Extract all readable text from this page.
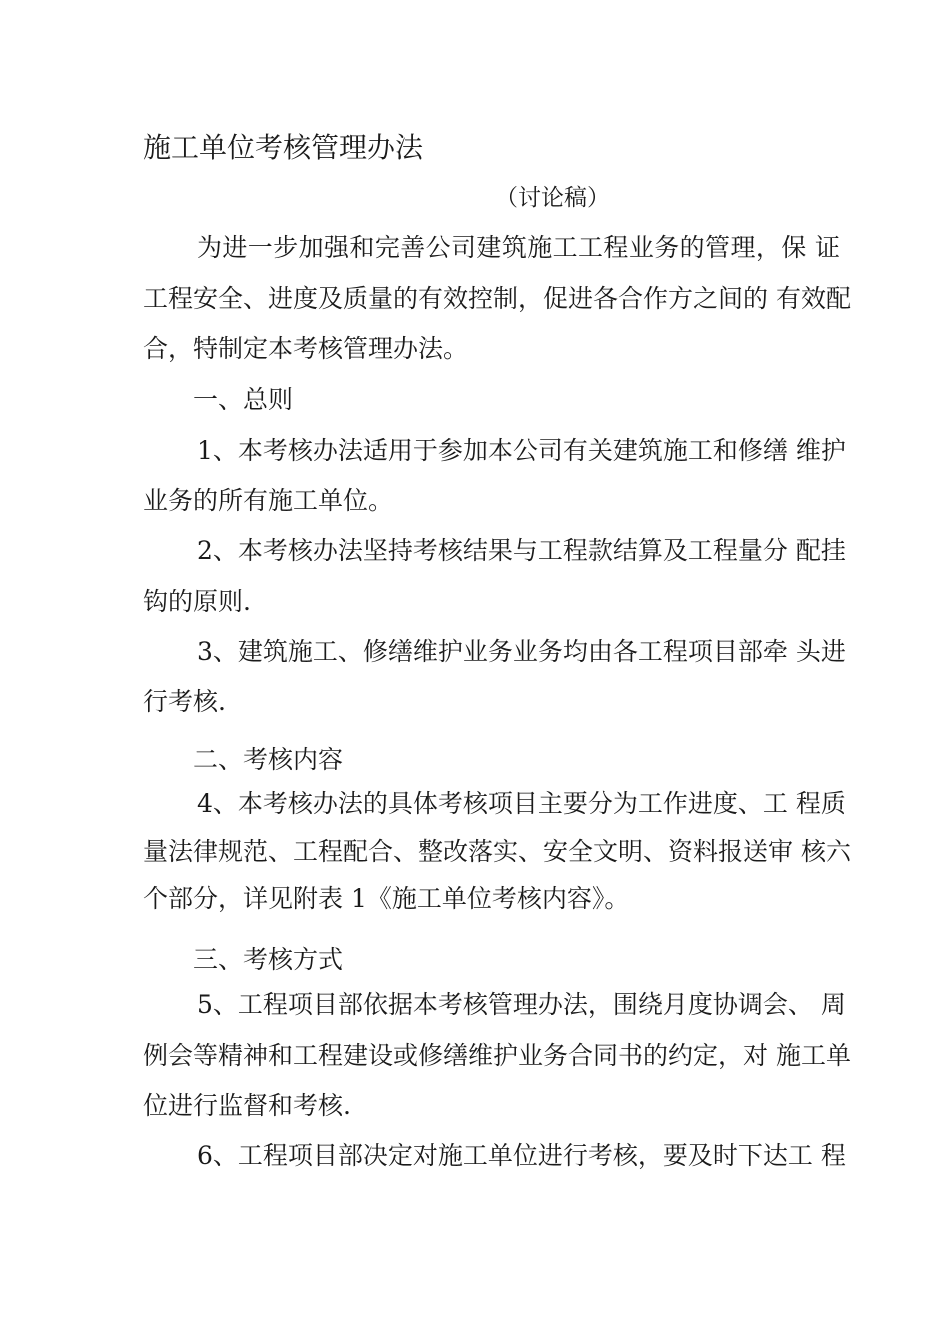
施工单位考核管理办法
（讨论稿）
为进一步加强和完善公司建筑施工工程业务的管理，保 证
工程安全、进度及质量的有效控制，促进各合作方之间的 有效配
合，特制定本考核管理办法。
一、总则
1、本考核办法适用于参加本公司有关建筑施工和修缮 维护
业务的所有施工单位。
2、本考核办法坚持考核结果与工程款结算及工程量分 配挂
钩的原则.
3、建筑施工、修缮维护业务业务均由各工程项目部牵 头进
行考核.
二、考核内容
4、本考核办法的具体考核项目主要分为工作进度、工 程质
量法律规范、工程配合、整改落实、安全文明、资料报送审 核六
个部分，详见附表 1《施工单位考核内容》。
三、考核方式
5、工程项目部依据本考核管理办法，围绕月度协调会、 周
例会等精神和工程建设或修缮维护业务合同书的约定，对 施工单
位进行监督和考核.
6、工程项目部决定对施工单位进行考核，要及时下达工 程
